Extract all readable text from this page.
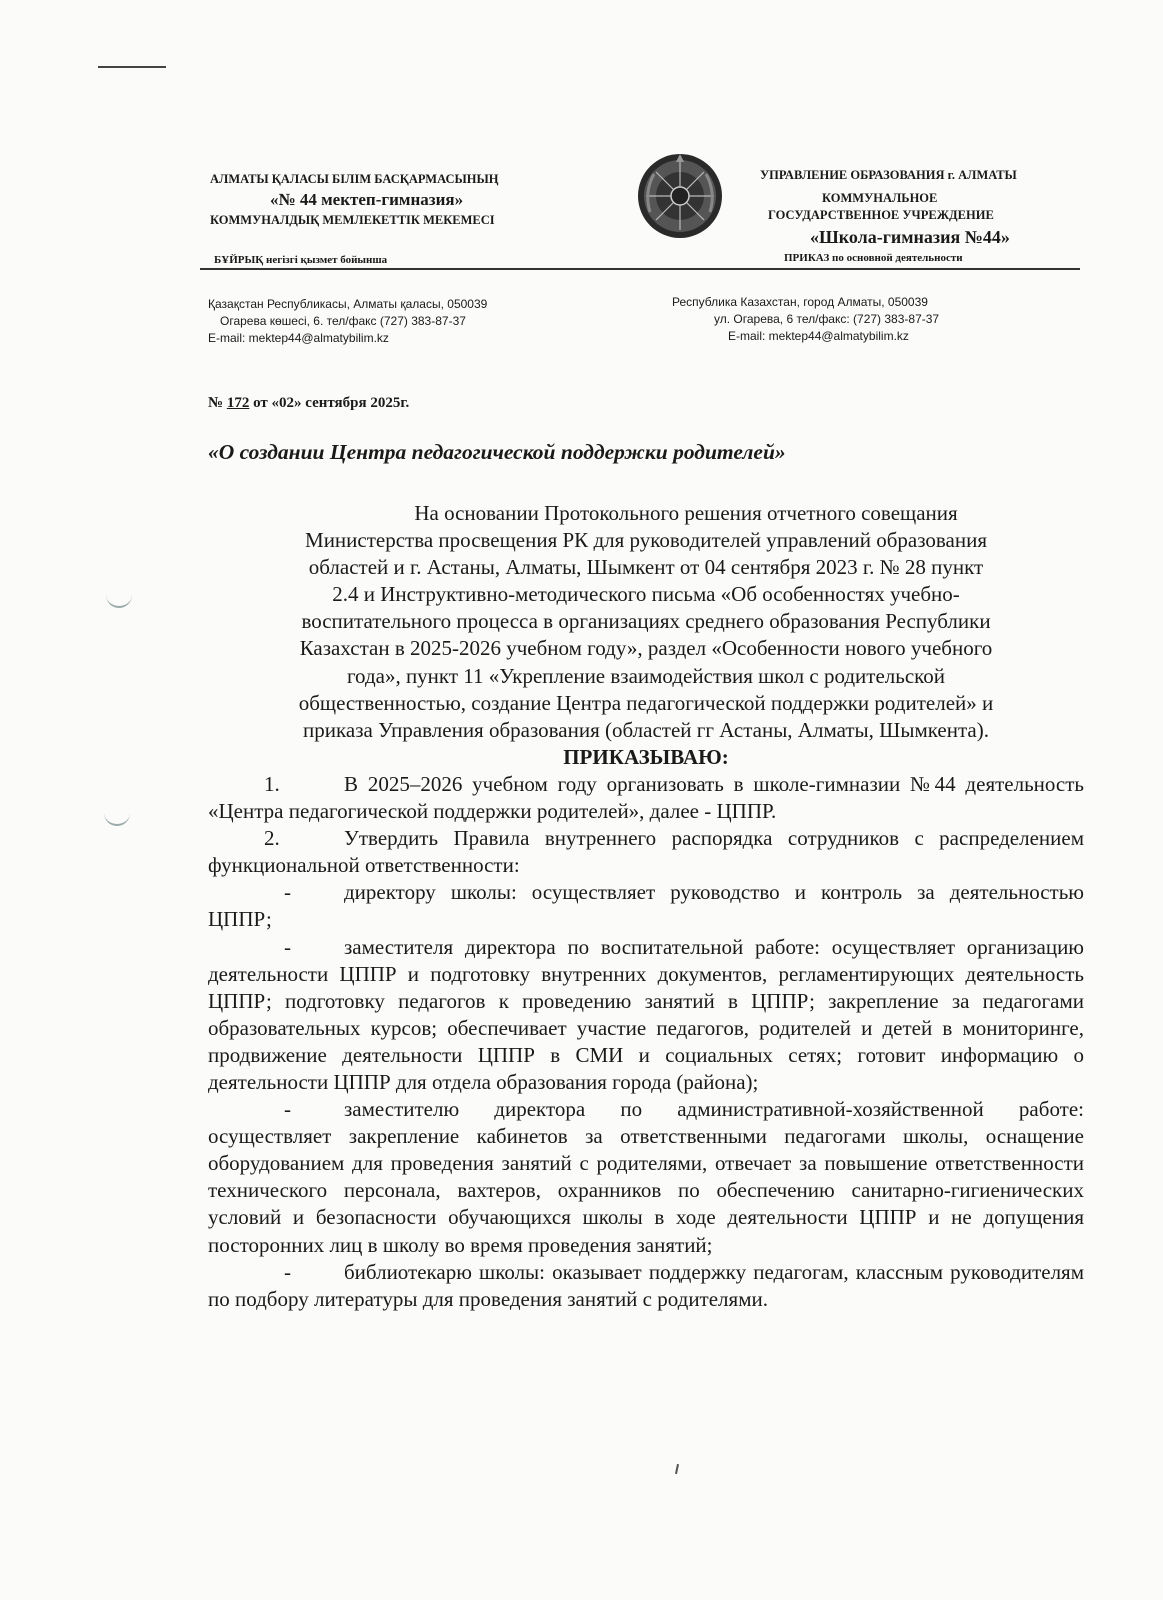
АЛМАТЫ ҚАЛАСЫ БІЛІМ БАСҚАРМАСЫНЫҢ
«№ 44 мектеп-гимназия»
КОММУНАЛДЫҚ МЕМЛЕКЕТТІК МЕКЕМЕСІ
БҰЙРЫҚ негізгі қызмет бойынша
УПРАВЛЕНИЕ ОБРАЗОВАНИЯ г. АЛМАТЫ
КОММУНАЛЬНОЕ
ГОСУДАРСТВЕННОЕ УЧРЕЖДЕНИЕ
«Школа-гимназия №44»
ПРИКАЗ по основной деятельности
Қазақстан Республикасы, Алматы қаласы, 050039
Огарева көшесі, 6. тел/факс (727) 383-87-37
E-mail: mektep44@almatybilim.kz
Республика Казахстан, город Алматы, 050039
ул. Огарева, 6 тел/факс: (727) 383-87-37
E-mail: mektep44@almatybilim.kz
№ 172 от «02» сентября 2025г.
«О создании Центра педагогической поддержки родителей»
На основании Протокольного решения отчетного совещания
Министерства просвещения РК для руководителей управлений образования
областей и г. Астаны, Алматы, Шымкент от 04 сентября 2023 г. № 28 пункт
2.4 и Инструктивно-методического письма «Об особенностях учебно-
воспитательного процесса в организациях среднего образования Республики
Казахстан в 2025-2026 учебном году», раздел «Особенности нового учебного
года», пункт 11 «Укрепление взаимодействия школ с родительской
общественностью, создание Центра педагогической поддержки родителей» и
приказа Управления образования (областей гг Астаны, Алматы, Шымкента).
ПРИКАЗЫВАЮ:
1.	В 2025–2026 учебном году организовать в школе-гимназии №44 деятельность «Центра педагогической поддержки родителей», далее - ЦППР.
2.	Утвердить Правила внутреннего распорядка сотрудников с распределением функциональной ответственности:
-	директору школы: осуществляет руководство и контроль за деятельностью ЦППР;
-	заместителя директора по воспитательной работе: осуществляет организацию деятельности ЦППР и подготовку внутренних документов, регламентирующих деятельность ЦППР; подготовку педагогов к проведению занятий в ЦППР; закрепление за педагогами образовательных курсов; обеспечивает участие педагогов, родителей и детей в мониторинге, продвижение деятельности ЦППР в СМИ и социальных сетях; готовит информацию о деятельности ЦППР для отдела образования города (района);
-	заместителю директора по административной-хозяйственной работе: осуществляет закрепление кабинетов за ответственными педагогами школы, оснащение оборудованием для проведения занятий с родителями, отвечает за повышение ответственности технического персонала, вахтеров, охранников по обеспечению санитарно-гигиенических условий и безопасности обучающихся школы в ходе деятельности ЦППР и не допущения посторонних лиц в школу во время проведения занятий;
-	библиотекарю школы: оказывает поддержку педагогам, классным руководителям по подбору литературы для проведения занятий с родителями.
